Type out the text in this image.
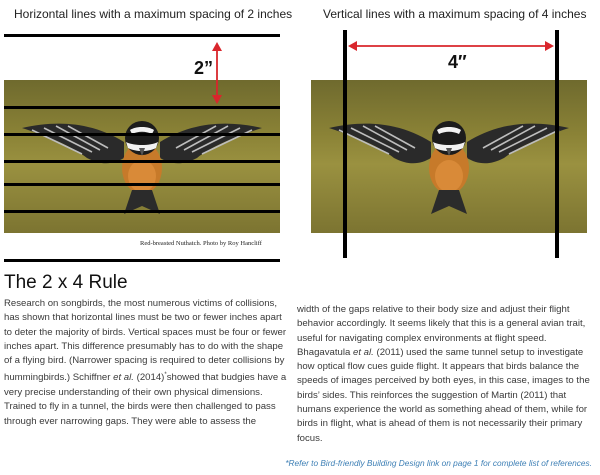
Horizontal lines with a maximum spacing of 2 inches	Vertical lines with a maximum spacing of 4 inches
2”
Red-breasted Nuthatch. Photo by Roy Hancliff
4″
The 2 x 4 Rule

Research on songbirds, the most numerous victims of collisions, has shown that horizontal lines must be two or fewer inches apart to deter the majority of birds. Vertical spaces must be four or fewer inches apart. This difference presumably has to do with the shape of a flying bird. (Narrower spacing is required to deter collisions by hummingbirds.) Schiffner et al. (2014)*showed that budgies have a very precise understanding of their own physical dimensions. Trained to fly in a tunnel, the birds were then challenged to pass through ever narrowing gaps. They were able to assess the

width of the gaps relative to their body size and adjust their flight behavior accordingly. It seems likely that this is a general avian trait, useful for navigating complex environments at flight speed. Bhagavatula et al. (2011) used the same tunnel setup to investigate how optical flow cues guide flight. It appears that birds balance the speeds of images perceived by both eyes, in this case, images to the birds’ sides. This reinforces the suggestion of Martin (2011) that humans experience the world as something ahead of them, while for birds in flight, what is ahead of them is not necessarily their primary focus.

*Refer to Bird-friendly Building Design link on page 1 for complete list of references.
